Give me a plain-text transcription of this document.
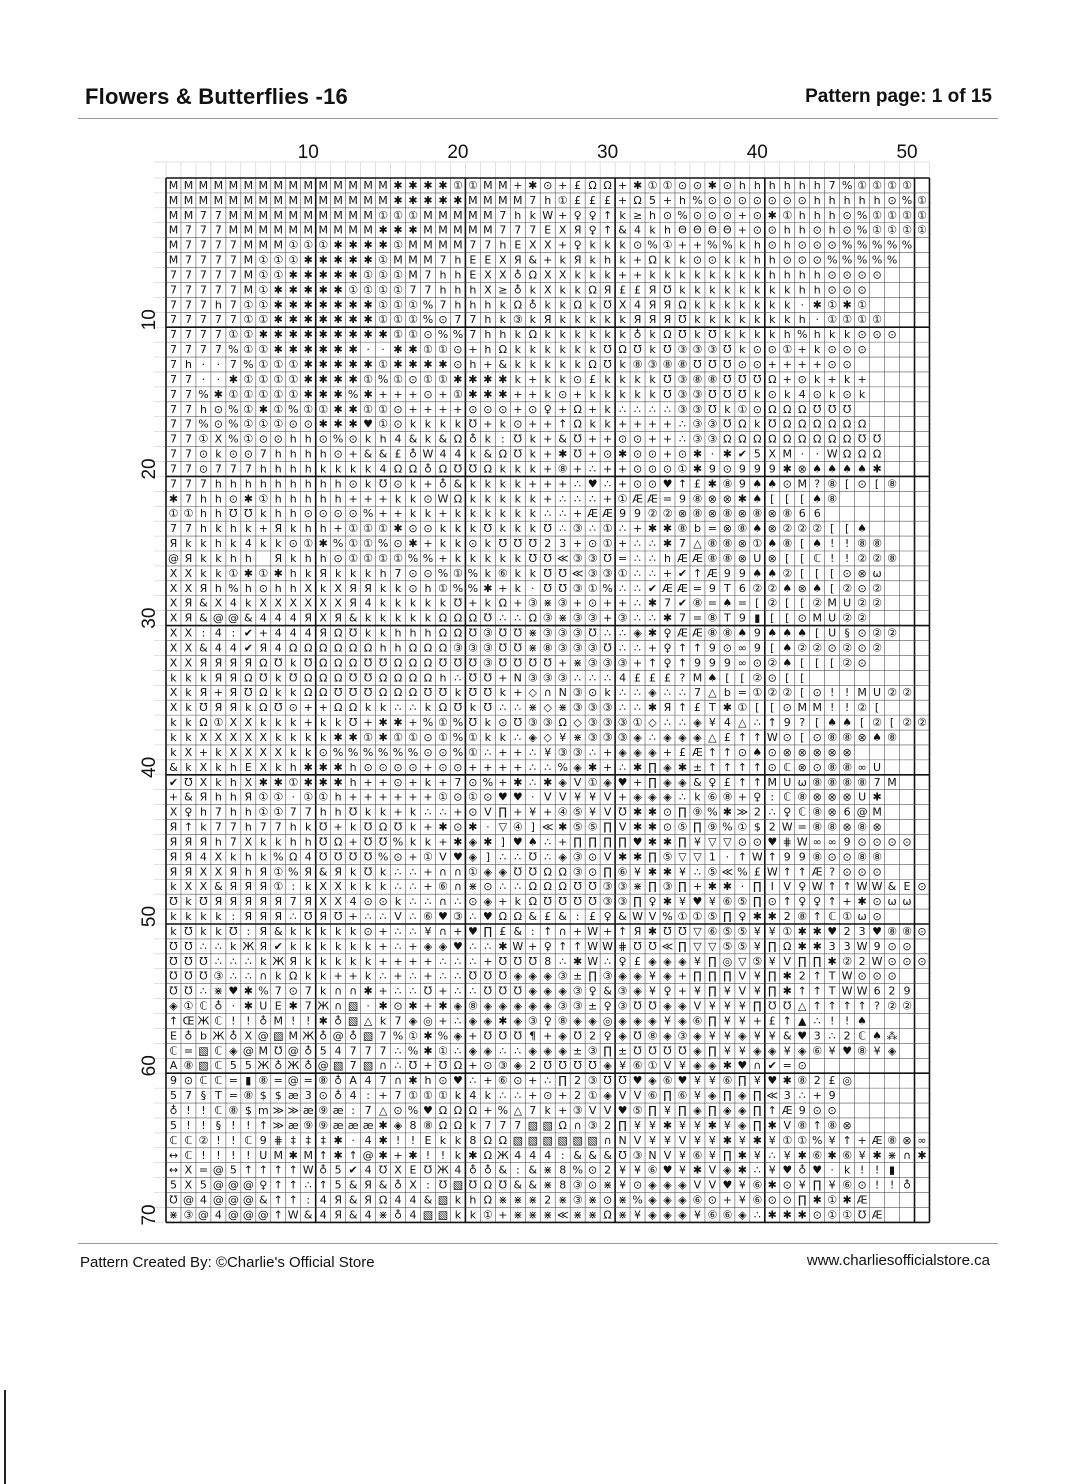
Flowers & Butterflies -16	Pattern page: 1 of 15
10	20	30	40	50
10
20
30
40
50
60
70
MMMMMMMMMMMMMMM✱✱✱✱①①MM+✱⊙+£ΩΩ+✱①①⊙⊙✱⊙hhhhhh7%①①①①
MMMMMMMMMMMMMMM✱✱✱✱✱MMMM7h①£££+Ω5+h%⊙⊙⊙⊙⊙⊙⊙hhhhh⊙%①
MM77MMMMMMMMMM①①①MMMMM7hkW+♀♀↑k≥h⊙%⊙⊙⊙+⊙✱①hhh⊙%①①①①
M777MMMMMMMMMM✱✱✱MMMMM777EXЯ♀↑&4khΘΘΘΘ+⊙⊙hh⊙h⊙%①①①①
M7777MMM①①①✱✱✱✱①MMMM77hEXX+♀kkk⊙%①++%%kh⊙h⊙⊙⊙%%%%%
M7777M①①①✱✱✱✱✱①MMM7hEEXЯ&+kЯkhk+Ωkk⊙⊙kkhh⊙⊙⊙%%%%%
77777M①①✱✱✱✱✱①①①M7hhEXX♁ΩXXkkk++kkkkkkkkhhhh⊙⊙⊙⊙
77777M①✱✱✱✱✱①①①①77hhhX≥♁kXkkΩЯ££ЯƱkkkkkkkkhh⊙⊙⊙
777h7①①✱✱✱✱✱✱✱①①①%7hhhkΩ♁kkΩkƱX4ЯЯΩkkkkkkk·✱①✱①
77777①①✱✱✱✱✱✱✱①①①%⊙77hk③kЯkkkkkЯЯЯƱkkkkkkkh·①①①①
7777①①✱✱✱✱✱✱✱✱✱①①⊙%%7hhkΩkkkkkk♁kΩƱkƱkkkkh%hkk⊙⊙⊙
7777%①①✱✱✱✱✱✱··✱✱①①⊙+hΩkkkkkkƱΩƱkƱ③③③Ʊk⊙⊙①+k⊙⊙⊙
7h··7%①①①✱✱✱✱✱①✱✱✱✱⊙h+&kkkkkΩƱk⑧③⑧⑧ƱƱƱ⊙⊙++++⊙⊙
77··✱①①①①✱✱✱✱①%①⊙①①✱✱✱✱k+kk⊙£kkkkƱ③⑧⑧ƱƱƱΩ+⊙k+k+
77%✱①①①①①✱✱✱%✱+++⊙+①✱✱✱++k⊙+kkkkkƱ③③ƱƱƱk⊙k4⊙k⊙k
77h⊙%①✱①%①①✱✱①①⊙++++⊙⊙⊙+⊙♀+Ω+k∴∴∴∴③③Ʊk①⊙ΩΩΩƱƱƱ
77%⊙%①①①⊙⊙✱✱✱♥①⊙kkkkƱ+k⊙++↑Ωkk++++∴③③ƱΩkƱΩΩΩΩΩΩ
77①X%①⊙⊙hh⊙%⊙kh4&k&Ω♁k:Ʊk+&Ʊ++⊙⊙++∴③③ΩΩΩΩΩΩΩΩΩƱƱ
77⊙k⊙⊙7hhhh⊙+&&£♁W44k&ΩƱk+✱Ʊ+⊙✱⊙⊙+⊙✱·✱✔5XM··WΩΩΩ
77⊙777hhhhkkkk4ΩΩ♁ΩƱƱΩkkk+⑧+∴++⊙⊙⊙①✱9⊙999✱⊗♠♠♠♠✱
777hhhhhhhhh⊙kƱ⊙k+♁&kkkk+++∴♥∴+⊙⊙♥↑£✱⑧9♠♠⊙M?⑧[⊙[⑧
✱7hh⊙✱①hhhhh+++kk⊙WΩkkkkk+∴∴∴+①ÆÆ=9⑧⊗⊗✱♠[[[♠⑧
①①hhƱƱkhh⊙⊙⊙⊙%++kk+kkkkkk∴∴+ÆÆ99②②⊗⑧⊗⑧⊗⑧⊗⑧66
77hkhk+Яkhh+①①①✱⊙⊙kkkƱkkkƱ∴③∴①∴+✱✱⑧b=⊗⑧♠⊗②②②[[♠
Яkkhk4kk⊙①✱%①①%⊙✱+kk⊙kƱƱƱ23+⊙①+∴∴✱7△⑧⑧⊗①♠⑧[♠!!⑧⑧
@Яkkhh Яkhh⊙①①①①%%+kkkkkƱƱ≪③③Ʊ=∴∴hÆÆ⑧⑧⊗U⊗[[ℂ!!②②⑧
XXkk①✱①✱hkЯkkkh7⊙⊙%①%k⑥kkƱƱ≪③③①∴∴+✔↑Æ99♠♠②[[[⊙⊗ω
XXЯh%h⊙hhXkXЯЯkk⊙h①%%✱+k·ƱƱ③①%∴∴✔ÆÆ=9T6②②♠⊗♠[②⊙②
XЯ&X4kXXXXXXЯ4kkkkkƱ+kΩ+③⋇③+⊙++∴✱7✔⑧=♠=[②[[②MU②②
XЯ&@@&444ЯXЯ&kkkkkΩΩΩƱ∴∴Ω③⋇③③+③∴∴✱7=⑧T9▮[[⊙MU②②
XX:4:✔+444ЯΩƱkkhhhΩΩƱ③ƱƱ⋇③③③Ʊ∴∴◈✱♀ÆÆ⑧⑧♠9♠♠♠[U§⊙②②
XX&44✔Я4ΩΩΩΩΩΩhhΩΩΩ③③③ƱƱ⋇⑧③③③Ʊ∴∴+♀↑↑9⊙∞9[♠②②⊙②⊙②
XXЯЯЯЯΩƱkƱΩΩΩƱƱΩΩΩƱƱƱ③ƱƱƱƱ+⋇③③③+↑♀↑999∞⊙②♠[[[②⊙
kkkЯЯΩƱkƱΩΩΩƱƱΩΩΩΩh∴ƱƱ+N③③③∴∴∴4£££?M♠[[②⊙[[
XkЯ+ЯƱΩkkΩΩƱƱƱΩΩΩƱƱkƱƱk+◇∩N③⊙k∴∴◈∴∴7△b=①②②[⊙!!MU②②
XkƱЯЯkΩƱ⊙++ΩΩkk∴∴kΩƱkƱ∴∴⋇◇⋇③③③∴∴✱Я↑£T✱①[[⊙MM!!②[
kkΩ①XXkkk+kkƱ+✱✱+%①%Ʊk⊙Ʊ③③Ω◇③③③①◇∴∴◈¥4△∴↑9?[♠♠[②[②②
kkXXXXXkkkk✱✱①✱①①⊙①%①kk∴◈◇¥⋇③③③◈∴◈◈◈△£↑↑W⊙[⊙⑧⑧⊗♠⑧
kX+kXXXXkk⊙%%%%%%⊙⊙%①∴++∴¥③③∴+◈◈◈+£Æ↑↑⊙♠⊙⊗⊗⊗⊗⊗
&kXkhEXkh✱✱✱h⊙⊙⊙⊙+⊙⊙++++∴∴%◈✱+∴✱∏◈✱±↑↑↑↑⊙ℂ⊗⊙⑧⑧∞U
✔ƱXkhX✱✱①✱✱✱h++⊙+k+7⊙%+✱∴✱◈V①◈♥+∏◈◈&♀£↑↑MUω⑧⑧⑧⑧7M
+&ЯhhЯ①①·①①h++++++①⊙①⊙♥♥·VV¥¥V+◈◈◈∴k⑥⑧+♀:ℂ⑧⊗⊗⊗U✱
X♀h7hh①①77hhƱkk+k∴∴+⊙V∏+¥+④⑤¥VƱ✱✱⊙∏⑨%✱≫2∴♀ℂ⑧⊗6@M
Я↑k77h77hkƱ+kƱΩƱk+✱⊙✱·▽④]≪✱⑤⑤∏V✱✱⊙⑤∏⑨%①$2W=⑧⑧⊗⑧⊗
ЯЯЯh7XkkhhƱΩ+ƱƱ%kk+✱◈✱]♥♠∴+∏∏∏∏♥✱✱∏¥▽▽⊙⊙♥⋕W∞∞9⊙⊙⊙⊙
ЯЯ4Xkhk%Ω4ƱƱƱƱ%⊙+①V♥◈]∴∴Ʊ∴◈③⊙V✱✱∏⑤▽▽1·↑W↑99⑧⊙⊙⑧⑧
ЯЯXXЯhЯ①%Я&ЯkƱk∴∴+∩∩①◈◈ƱƱΩΩ③⊙∏⑥¥✱✱¥∴⑤≪%£W↑↑Æ?⊙⊙⊙
kXX&ЯЯЯ①:kXXkkk∴∴+⑥∩⋇⊙∴∴ΩΩΩƱƱ③③⋇∏③∏+✱✱·∏IV♀W↑↑WW&E⊙
ƱkƱЯЯЯЯЯ7ЯXX4⊙⊙k∴∴∩∴⊙◈+kΩƱƱƱƱ③③∏♀✱¥♥¥⑥⑤∏⊙↑♀♀↑+✱⊙ωω
kkkk:ЯЯЯ∴ƱЯƱ+∴∴V∴⑥♥③∴♥ΩΩ&£&:£♀&WV%①①⑤∏♀✱✱2⑧↑ℂ①ω⊙
kƱkkƱ:Я&kkkkk⊙+∴∴¥∩+♥∏£&:↑∩+W+↑Я✱ƱƱ▽⑥⑤⑤¥¥①✱✱♥23♥⑧⑧⊙
ƱƱ∴∴kЖЯ✔kkkkkk+∴+◈◈♥∴∴✱W+♀↑↑WW⋕ƱƱ≪∏▽▽⑤⑤¥∏Ω✱✱33W9⊙⊙
ƱƱƱ∴∴∴kЖЯkkkkk++++∴∴∴+ƱƱƱ8∴✱W∴♀£◈◈◈¥∏◎▽⑤¥V∏∏✱②2W⊙⊙⊙
ƱƱƱ③∴∴∩kΩkk++k∴+∴+∴∴ƱƱƱ◈◈◈③±∏③◈◈¥◈+∏∏∏V¥∏✱2↑TW⊙⊙⊙
ƱƱ∴⋇♥✱%7⊙7k∩∩✱+∴∴Ʊ+∴∴ƱƱƱ◈◈◈③♀&③◈¥♀+¥∏¥V¥∏✱↑↑TWW629
◈①ℂ♁·✱UE✱7Ж∩▧·✱⊙✱+✱◈⑧◈◈◈◈◈③③±♀③ƱƱ◈◈V¥¥¥∏ƱƱ△↑↑↑↑?②②
↑ŒЖℂ!!♁M!!✱♁▧△k7◈◎+∴◈◈✱◈③♀⑧◈◈◎◈◈◈¥◈⑥∏¥¥+£↑▲∴!!♠
E♁bЖ♁X@▧MЖ♁@♁▧7%①✱%◈+ƱƱƱ¶+◈Ʊ2♀◈Ʊ⑧◈③◈¥¥◈¥¥&♥3∴2ℂ♠⁂
ℂ=▧ℂ◈@MƱ@♁54777∴%✱①∴◈◈∴∴◈◈◈±③∏±ƱƱƱƱ◈∏¥¥◈◈¥◈⑥¥♥⑧¥◈
A⑧▧ℂ55Ж♁Ж♁@▧7▧∩∴Ʊ+ƱΩ+⊙③◈2ƱƱƱƱ◈¥⑥①V¥◈◈✱♥∩✔=⊙
9⊙ℂℂ=▮⑧=@=⑧♁A47∩✱h⊙♥∴+⑥⊙+∴∏2③ƱƱ♥◈⑥♥¥¥⑥∏¥♥✱⑧2£◎
57§T=⑧$$æ3⊙♁4:+7①①①k4k∴∴+⊙+2①◈VV⑥∏⑥¥◈∏◈∏≪3∴+9
♁!!ℂ⑧$m≫≫æ⑨æ:7△⊙%♥ΩΩΩ+%△7k+③VV♥⑤∏¥∏◈∏◈◈∏↑Æ9⊙⊙
5!!§!!↑≫æ⑨⑨æææ✱◈8⑧ΩΩk777▧▧Ω∩③2∏¥¥✱¥¥✱¥◈∏✱V⑧↑⑧⊗
ℂℂ②!!ℂ9⋕‡‡‡✱·4✱!!Ekk8ΩΩ▧▧▧▧▧▧∩NV¥¥V¥¥✱¥✱¥①①%¥↑+Æ⑧⊗∞
↔ℂ!!!!UM✱M↑✱↑@✱+✱!!k✱ΩЖ444:&&&Ʊ③NV¥⑥¥∏✱¥∴¥✱⑥✱⑥¥✱⋇∩✱
↔X=@5↑↑↑↑W♁5✔4ƱXEƱЖ4♁♁&:&⋇8%⊙2¥¥⑥♥¥✱V◈✱∴¥♥♁♥·k!!▮
5X5@@@♀↑↑∴↑5&Я&♁X:Ʊ▧ƱΩƱ&&⋇8③⊙⋇¥⊙◈◈◈VV♥¥⑥✱⊙¥∏¥⑥⊙!!♁
Ʊ@4@@@&↑↑:4Я&ЯΩ44&▧khΩ⋇⋇⋇2⋇③⋇⊙⋇%◈◈◈⑥⊙+¥⑥⊙⊙∏✱①✱Æ
⋇③@4@@@↑W&4Я&4⋇♁4▧▧kk①+⋇⋇⋇≪⋇⋇Ω⋇¥◈◈◈¥⑥⑥◈∴✱✱✱⊙①①ƱÆ
Pattern Created By: ©Charlie's Official Store	www.charliesofficialstore.ca
